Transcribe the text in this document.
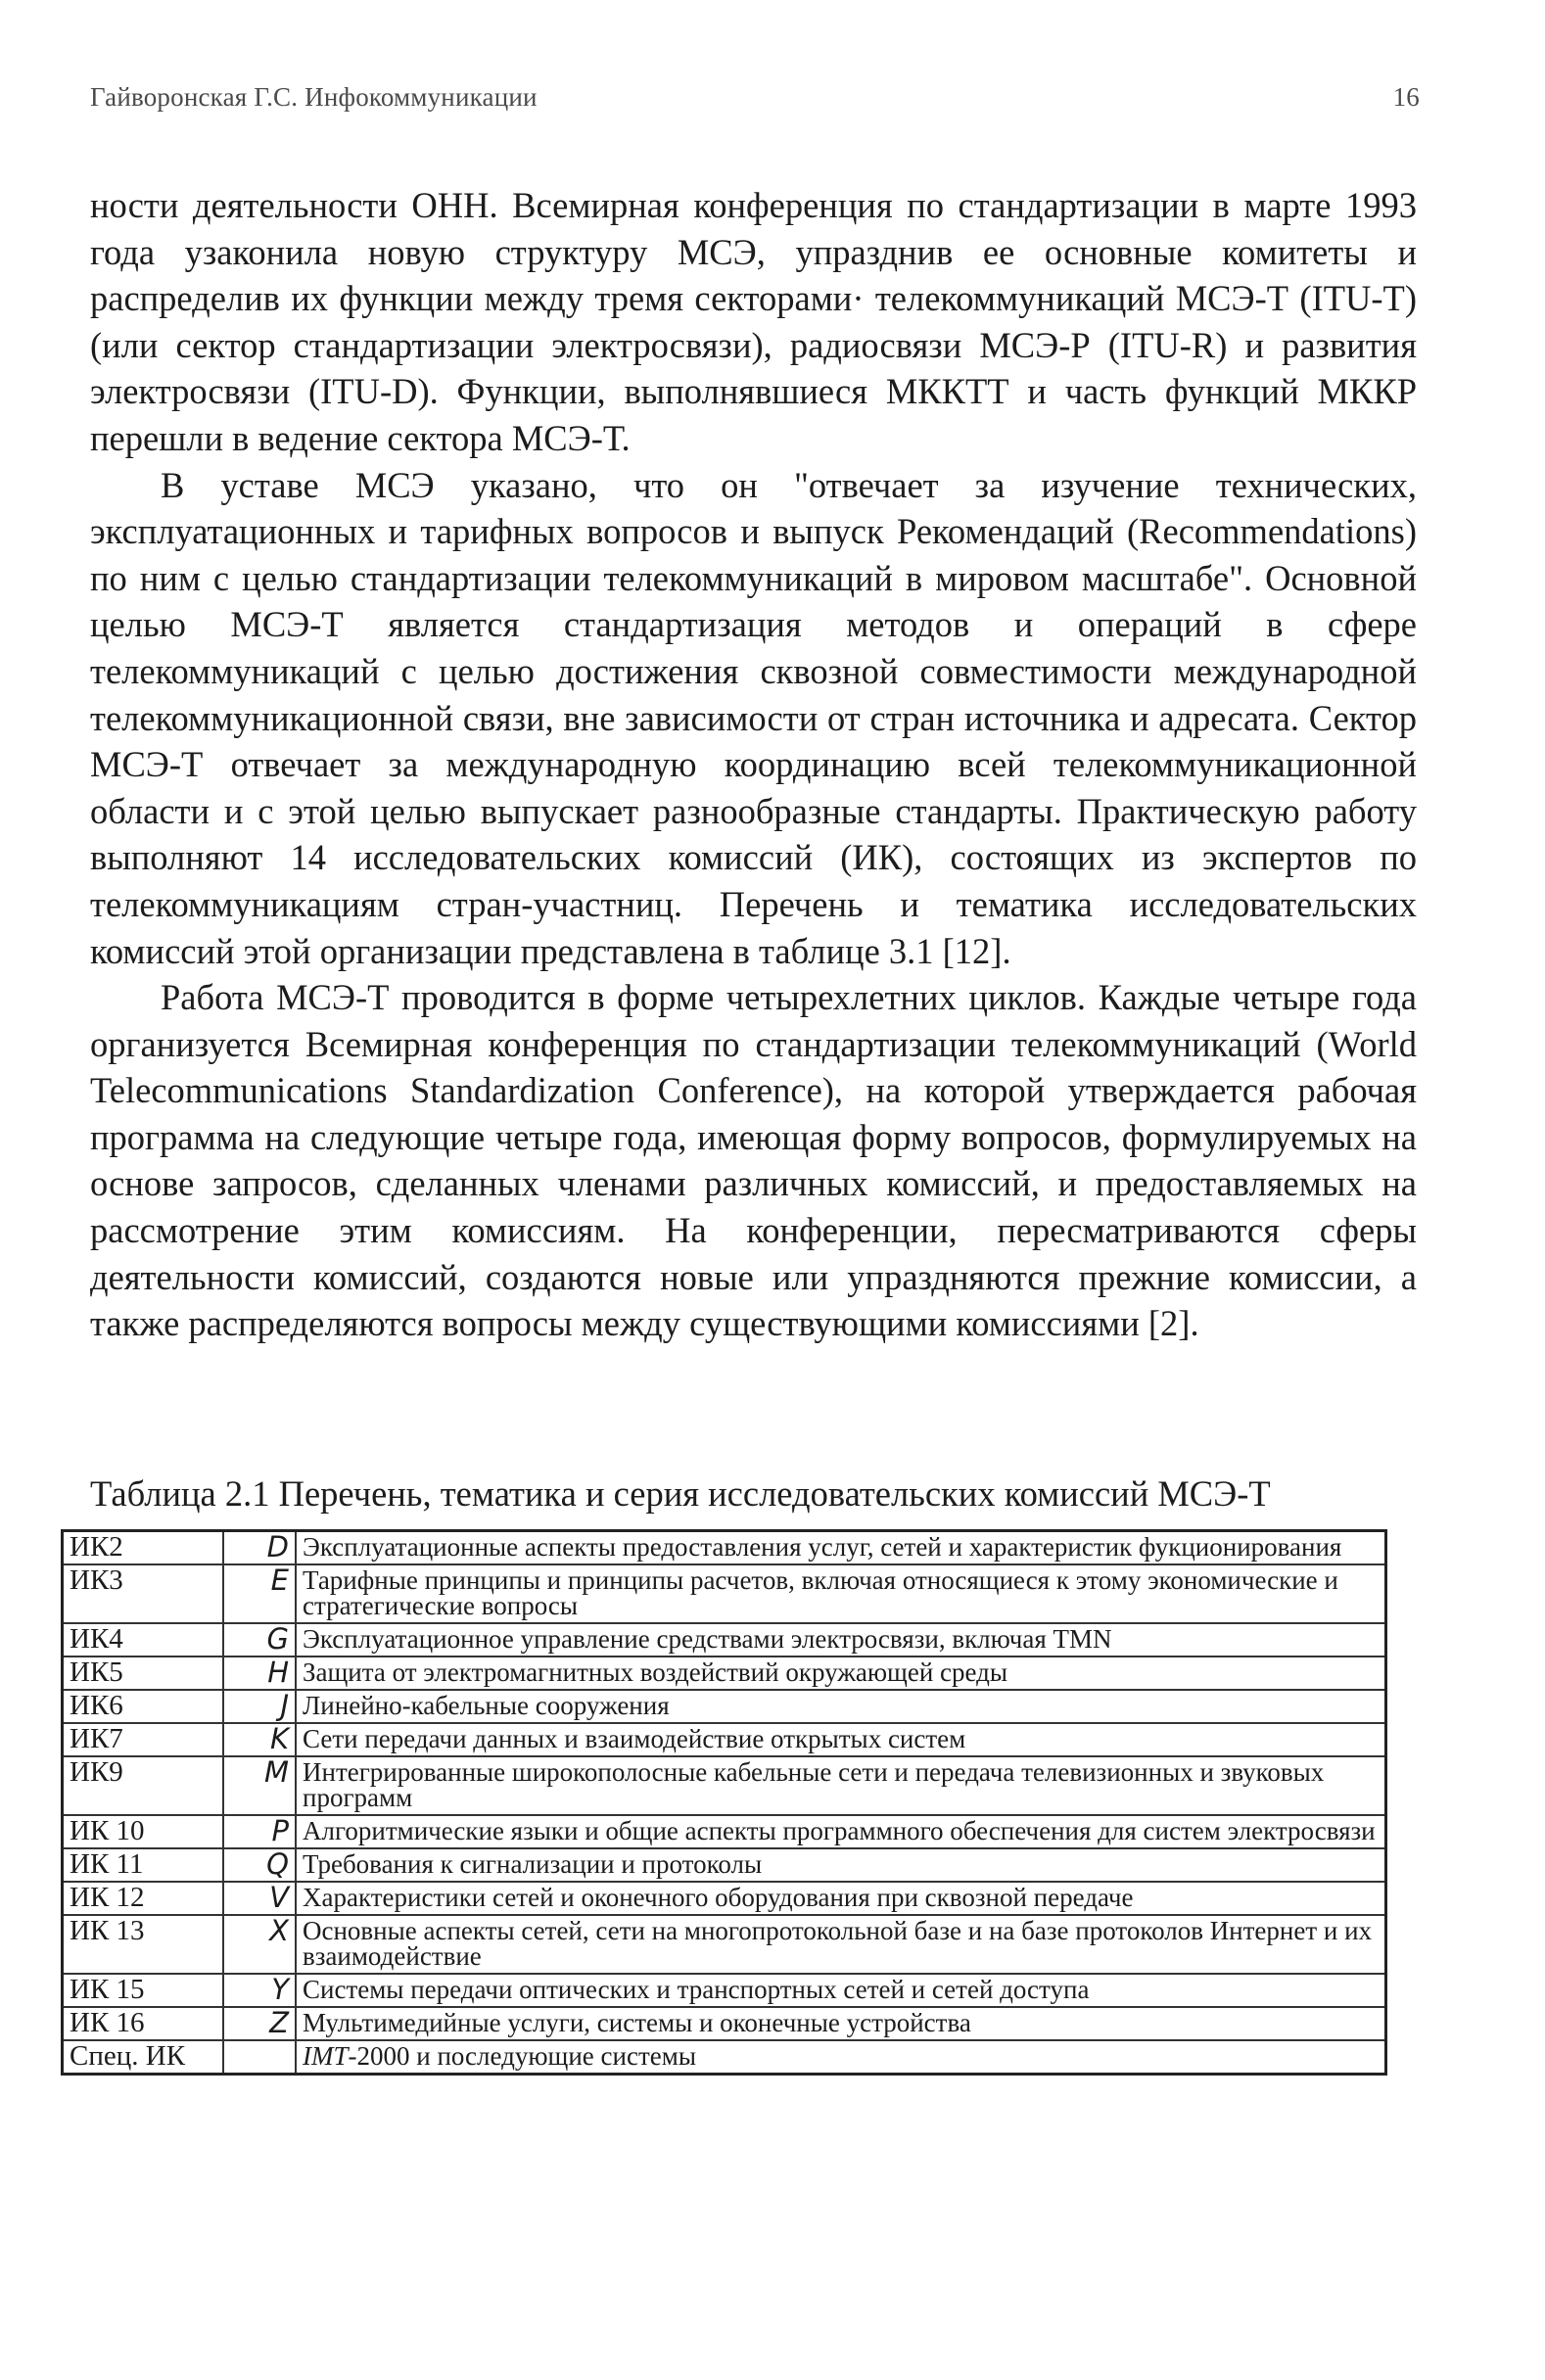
Гайворонская Г.С. Инфокоммуникации	16

ности деятельности ОНН. Всемирная конференция по стандартизации в марте 1993 года узаконила новую структуру МСЭ, упразднив ее основные комитеты и распределив их функции между тремя секторами· телекоммуникаций МСЭ-Т (ITU-T) (или сектор стандартизации электросвязи), радиосвязи МСЭ-Р (ITU-R) и развития электросвязи (ITU-D). Функции, выполнявшиеся МККТТ и часть функций МККР перешли в ведение сектора МСЭ-Т.

В уставе МСЭ указано, что он "отвечает за изучение технических, эксплуатационных и тарифных вопросов и выпуск Рекомендаций (Recommendations) по ним с целью стандартизации телекоммуникаций в мировом масштабе". Основной целью МСЭ-Т является стандартизация методов и операций в сфере телекоммуникаций с целью достижения сквозной совместимости международной телекоммуникационной связи, вне зависимости от стран источника и адресата. Сектор МСЭ-Т отвечает за международную координацию всей телекоммуникационной области и с этой целью выпускает разнообразные стандарты. Практическую работу выполняют 14 исследовательских комиссий (ИК), состоящих из экспертов по телекоммуникациям стран-участниц. Перечень и тематика исследовательских комиссий этой организации представлена в таблице 3.1 [12].

Работа МСЭ-Т проводится в форме четырехлетних циклов. Каждые четыре года организуется Всемирная конференция по стандартизации телекоммуникаций (World Telecommunications Standardization Conference), на которой утверждается рабочая программа на следующие четыре года, имеющая форму вопросов, формулируемых на основе запросов, сделанных членами различных комиссий, и предоставляемых на рассмотрение этим комиссиям. На конференции, пересматриваются сферы деятельности комиссий, создаются новые или упраздняются прежние комиссии, а также распределяются вопросы между существующими комиссиями [2].

Таблица 2.1 Перечень, тематика и серия исследовательских комиссий МСЭ-Т
ИК2	D	Эксплуатационные аспекты предоставления услуг, сетей и характеристик фукционирования
ИК3	E	Тарифные принципы и принципы расчетов, включая относящиеся к этому экономические и стратегические вопросы
ИК4	G	Эксплуатационное управление средствами электросвязи, включая TMN
ИК5	H	Защита от электромагнитных воздействий окружающей среды
ИК6	J	Линейно-кабельные сооружения
ИК7	K	Сети передачи данных и взаимодействие открытых систем
ИК9	M	Интегрированные широкополосные кабельные сети и передача телевизионных и звуковых программ
ИК 10	P	Алгоритмические языки и общие аспекты программного обеспечения для систем электросвязи
ИК 11	Q	Требования к сигнализации и протоколы
ИК 12	V	Характеристики сетей и оконечного оборудования при сквозной передаче
ИК 13	X	Основные аспекты сетей, сети на многопротокольной базе и на базе протоколов Интернет и их взаимодействие
ИК 15	Y	Системы передачи оптических и транспортных сетей и сетей доступа
ИК 16	Z	Мультимедийные услуги, системы и оконечные устройства
Спец. ИК		IMT-2000 и последующие системы
